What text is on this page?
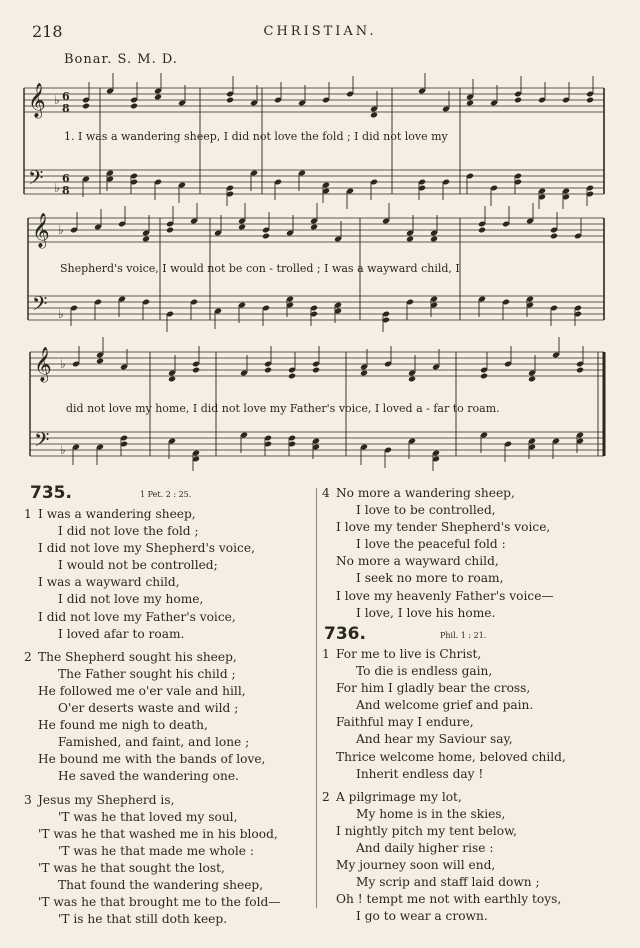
218	CHRISTIAN.
Bonar. S. M. D.
𝄞 ♭
𝄢 ♭
𝄞 ♭
𝄢 ♭
𝄞 ♭
𝄢 ♭
6
8
6
8
1. I was a wandering sheep, I did not love the fold ; I did not love my
Shepherd's voice, I would not be con - trolled ; I was a wayward child, I
did not love my home, I did not love my Father's voice, I loved a - far to roam.
735.	1 Pet. 2 : 25.
1 I was a wandering sheep,
I did not love the fold ;
I did not love my Shepherd's voice,
I would not be controlled;
I was a wayward child,
I did not love my home,
I did not love my Father's voice,
I loved afar to roam.
2 The Shepherd sought his sheep,
The Father sought his child ;
He followed me o'er vale and hill,
O'er deserts waste and wild ;
He found me nigh to death,
Famished, and faint, and lone ;
He bound me with the bands of love,
He saved the wandering one.
3 Jesus my Shepherd is,
'T was he that loved my soul,
'T was he that washed me in his blood,
'T was he that made me whole :
'T was he that sought the lost,
That found the wandering sheep,
'T was he that brought me to the fold—
'T is he that still doth keep.
4 No more a wandering sheep,
I love to be controlled,
I love my tender Shepherd's voice,
I love the peaceful fold :
No more a wayward child,
I seek no more to roam,
I love my heavenly Father's voice—
I love, I love his home.
736.	Phil. 1 : 21.
1 For me to live is Christ,
To die is endless gain,
For him I gladly bear the cross,
And welcome grief and pain.
Faithful may I endure,
And hear my Saviour say,
Thrice welcome home, beloved child,
Inherit endless day !
2 A pilgrimage my lot,
My home is in the skies,
I nightly pitch my tent below,
And daily higher rise :
My journey soon will end,
My scrip and staff laid down ;
Oh ! tempt me not with earthly toys,
I go to wear a crown.
